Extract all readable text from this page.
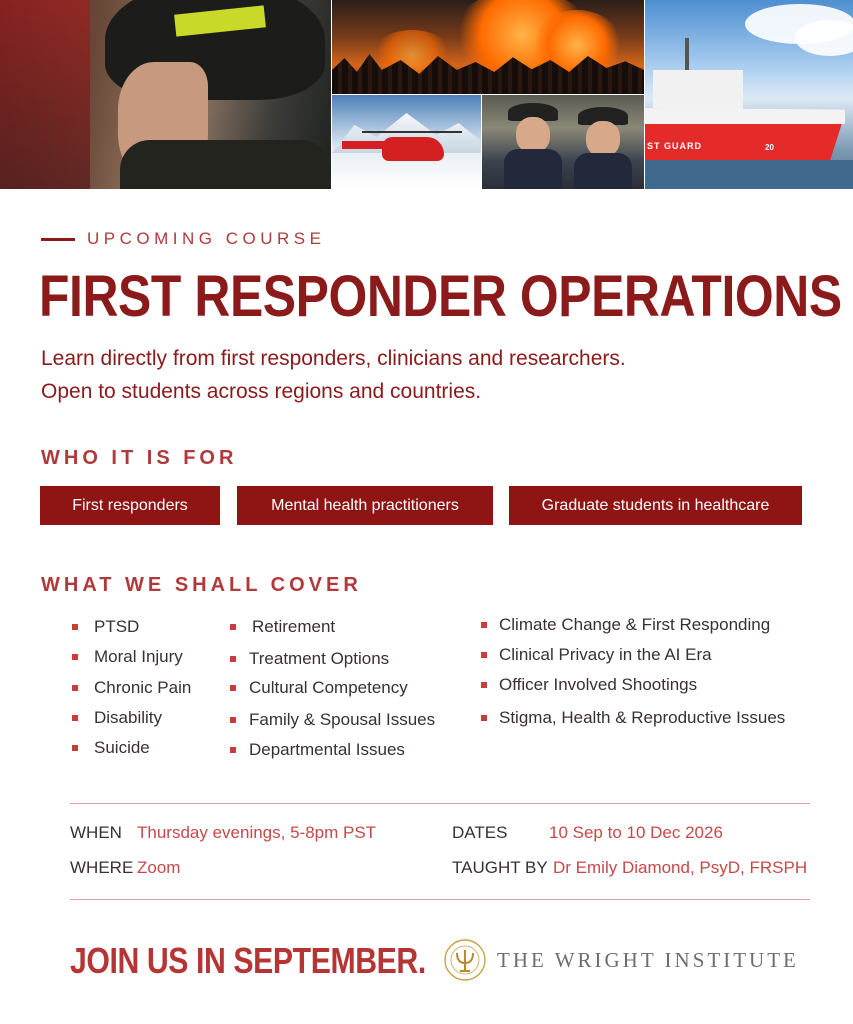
ST GUARD	20
UPCOMING COURSE
FIRST RESPONDER OPERATIONS
Learn directly from first responders, clinicians and researchers.
Open to students across regions and countries.
WHO IT IS FOR
First responders	Mental health practitioners	Graduate students in healthcare
WHAT WE SHALL COVER
PTSD
Moral Injury
Chronic Pain
Disability
Suicide
Retirement
Treatment Options
Cultural Competency
Family & Spousal Issues
Departmental Issues
Climate Change & First Responding
Clinical Privacy in the AI Era
Officer Involved Shootings
Stigma, Health & Reproductive Issues
WHEN Thursday evenings, 5-8pm PST
WHERE Zoom
DATES 10 Sep to 10 Dec 2026
TAUGHT BY Dr Emily Diamond, PsyD, FRSPH
JOIN US IN SEPTEMBER.	THE WRIGHT INSTITUTE
